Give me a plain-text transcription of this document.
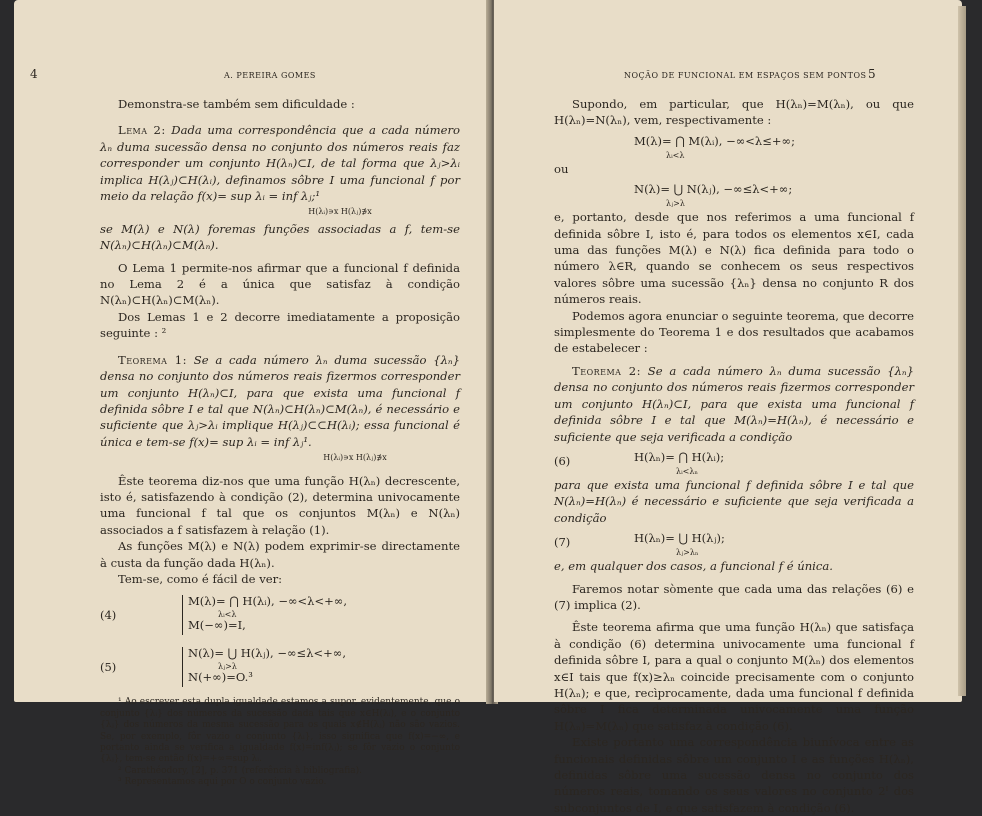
4	A. PEREIRA GOMES

Demonstra-se também sem dificuldade :

Lema 2: Dada uma correspondência que a cada número λₙ duma sucessão densa no conjunto dos números reais faz corresponder um conjunto H(λₙ)⊂I, de tal forma que λⱼ>λᵢ implica H(λⱼ)⊂H(λᵢ), definamos sôbre I uma funcional f por meio da relação f(x)= sup λᵢ = inf λⱼ;¹

H(λᵢ)∍x H(λⱼ)∌x

se M(λ) e N(λ) foremas funções associadas a f, tem-se N(λₙ)⊂H(λₙ)⊂M(λₙ).

O Lema 1 permite-nos afirmar que a funcional f definida no Lema 2 é a única que satisfaz à condição N(λₙ)⊂H(λₙ)⊂M(λₙ).

Dos Lemas 1 e 2 decorre imediatamente a proposição seguinte : ²

Teorema 1: Se a cada número λₙ duma sucessão {λₙ} densa no conjunto dos números reais fizermos corresponder um conjunto H(λₙ)⊂I, para que exista uma funcional f definida sôbre I e tal que N(λₙ)⊂H(λₙ)⊂M(λₙ), é necessário e suficiente que λⱼ>λᵢ implique H(λⱼ)⊂⊂H(λᵢ); essa funcional é única e tem-se f(x)= sup λᵢ = inf λⱼ¹.

H(λᵢ)∍x H(λⱼ)∌x

Êste teorema diz-nos que uma função H(λₙ) decrescente, isto é, satisfazendo à condição (2), determina univocamente uma funcional f tal que os conjuntos M(λₙ) e N(λₙ) associados a f satisfazem à relação (1).

As funções M(λ) e N(λ) podem exprimir-se directamente à custa da função dada H(λₙ).

Tem-se, como é fácil de ver:

(4)
M(λ)= ⋂ H(λᵢ), −∞<λ<+∞,
λᵢ<λ
M(−∞)=I,
(5)
N(λ)= ⋃ H(λⱼ), −∞≤λ<+∞,
λⱼ>λ
N(+∞)=O.³

¹ Ao escrever esta dupla igualdade estamos a supor, evidentemente, que o conjunto {λᵢ} dos números da sucessão dada tais que x∈H(λᵢ), e o conjunto {λⱼ} dos números da mesma sucessão para os quais x∉H(λⱼ) não são vazios. Se, por exemplo, fôr vazio o conjunto {λᵢ}, isso significa que f(x)=−∞, e portanto ainda se verifica a igualdade f(x)=inf(λⱼ); se fôr vazio o conjunto {λⱼ}, tem-se então f(x)=+∞=sup λᵢ.

² Carathéodory, [2], p. 371 (referência à bibliografia).

³ Representamos aqui por O o conjunto vazio.

NOÇÃO DE FUNCIONAL EM ESPAÇOS SEM PONTOS 5

Supondo, em particular, que H(λₙ)=M(λₙ), ou que H(λₙ)=N(λₙ), vem, respectivamente :

M(λ)= ⋂ M(λᵢ), −∞<λ≤+∞;
λᵢ<λ

ou

N(λ)= ⋃ N(λⱼ), −∞≤λ<+∞;
λⱼ>λ

e, portanto, desde que nos referimos a uma funcional f definida sôbre I, isto é, para todos os elementos x∈I, cada uma das funções M(λ) e N(λ) fica definida para todo o número λ∈R, quando se conhecem os seus respectivos valores sôbre uma sucessão {λₙ} densa no conjunto R dos números reais.

Podemos agora enunciar o seguinte teorema, que decorre simplesmente do Teorema 1 e dos resultados que acabamos de estabelecer :

Teorema 2: Se a cada número λₙ duma sucessão {λₙ} densa no conjunto dos números reais fizermos corresponder um conjunto H(λₙ)⊂I, para que exista uma funcional f definida sôbre I e tal que M(λₙ)=H(λₙ), é necessário e suficiente que seja verificada a condição

(6)	H(λₙ)= ⋂ H(λᵢ);
λᵢ<λₙ

para que exista uma funcional f definida sôbre I e tal que N(λₙ)=H(λₙ) é necessário e suficiente que seja verificada a condição

(7)	H(λₙ)= ⋃ H(λⱼ);
λⱼ>λₙ

e, em qualquer dos casos, a funcional f é única.

Faremos notar sòmente que cada uma das relações (6) e (7) implica (2).

Êste teorema afirma que uma função H(λₙ) que satisfaça à condição (6) determina univocamente uma funcional f definida sôbre I, para a qual o conjunto M(λₙ) dos elementos x∈I tais que f(x)≥λₙ coincide precisamente com o conjunto H(λₙ); e que, recìprocamente, dada uma funcional f definida sôbre I fica determinada univocamente uma função H(λₙ)=M(λₙ) que satisfaz à condição (6).

Existe portanto uma correspondência biunívoca entre as funcionais definidas sôbre um conjunto I e as funções H(λₙ), definidas sôbre uma sucessão densa no conjunto dos números reais, tomando os seus valores no conjunto 2ᴵ dos subconjuntos de I, e que satisfazem à condição (6).
